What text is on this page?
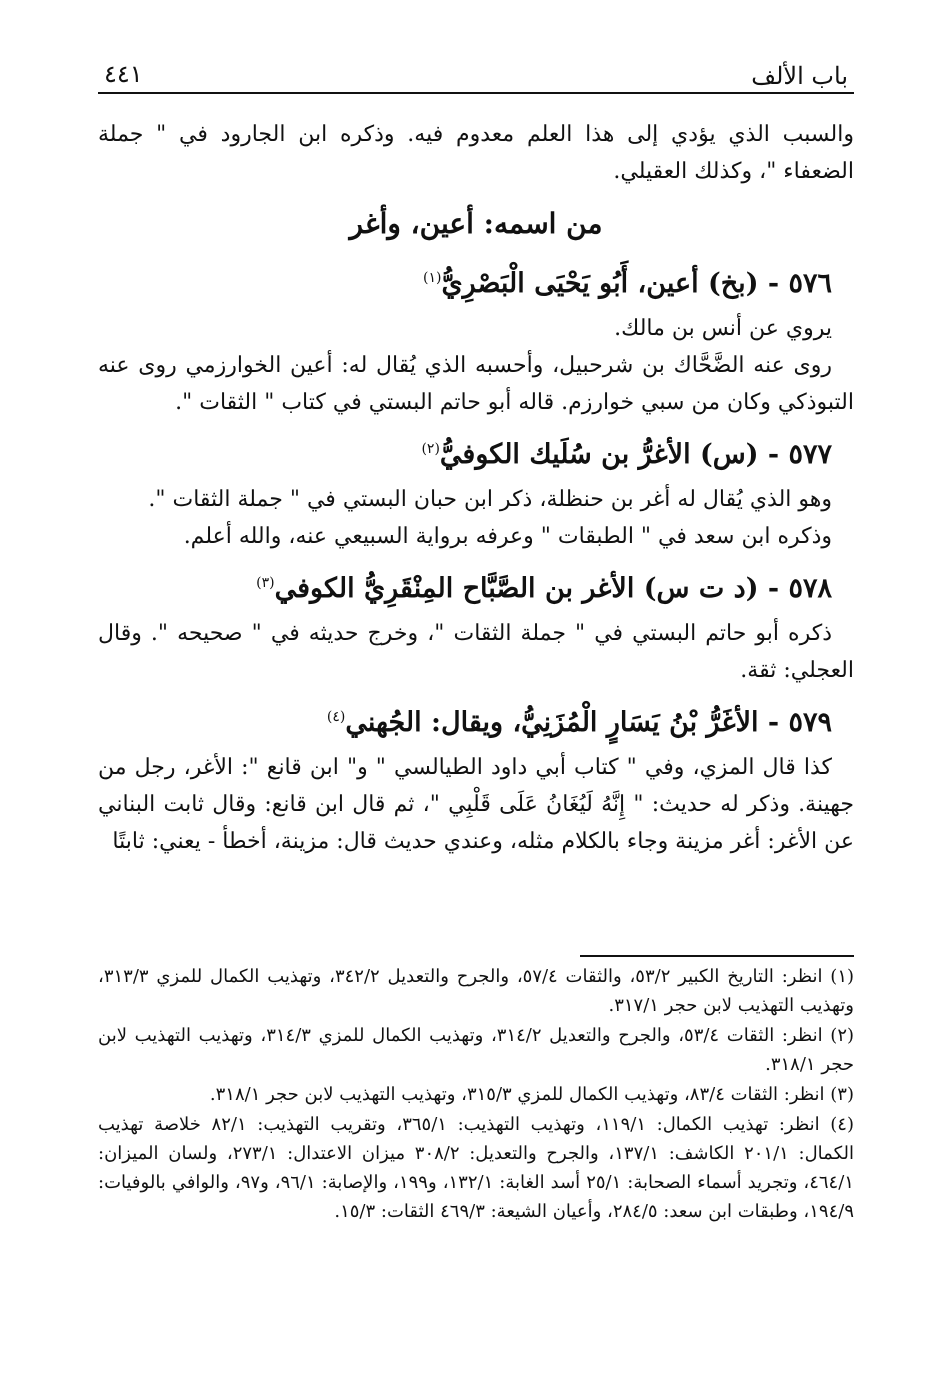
باب الألف
٤٤١

والسبب الذي يؤدي إلى هذا العلم معدوم فيه. وذكره ابن الجارود في " جملة الضعفاء "، وكذلك العقيلي.

من اسمه: أعين، وأغر
٥٧٦ - (بخ) أعين، أَبُو يَحْيَى الْبَصْرِيُّ$^{(١)}$

يروي عن أنس بن مالك.

روى عنه الضَّحَّاك بن شرحبيل، وأحسبه الذي يُقال له: أعين الخوارزمي روى عنه التبوذكي وكان من سبي خوارزم. قاله أبو حاتم البستي في كتاب " الثقات ".

٥٧٧ - (س) الأغرُّ بن سُلَيك الكوفيُّ$^{(٢)}$

وهو الذي يُقال له أغر بن حنظلة، ذكر ابن حبان البستي في " جملة الثقات ".

وذكره ابن سعد في " الطبقات " وعرفه برواية السبيعي عنه، والله أعلم.

٥٧٨ - (د ت س) الأغر بن الصَّبَّاح المِنْقَرِيُّ الكوفي$^{(٣)}$

ذكره أبو حاتم البستي في " جملة الثقات "، وخرج حديثه في " صحيحه ". وقال العجلي: ثقة.

٥٧٩ - الأغَرُّ بْنُ يَسَارٍ الْمُزَنِيُّ، ويقال: الجُهني$^{(٤)}$

كذا قال المزي، وفي " كتاب أبي داود الطيالسي " و" ابن قانع ": الأغر، رجل من جهينة. وذكر له حديث: " إِنَّهُ لَيُغَانُ عَلَى قَلْبِي "، ثم قال ابن قانع: وقال ثابت البناني عن الأغر: أغر مزينة وجاء بالكلام مثله، وعندي حديث قال: مزينة، أخطأ - يعني: ثابتًا

(١) انظر: التاريخ الكبير ٥٣/٢، والثقات ٥٧/٤، والجرح والتعديل ٣٤٢/٢، وتهذيب الكمال للمزي ٣١٣/٣، وتهذيب التهذيب لابن حجر ٣١٧/١.

(٢) انظر: الثقات ٥٣/٤، والجرح والتعديل ٣١٤/٢، وتهذيب الكمال للمزي ٣١٤/٣، وتهذيب التهذيب لابن حجر ٣١٨/١.

(٣) انظر: الثقات ٨٣/٤، وتهذيب الكمال للمزي ٣١٥/٣، وتهذيب التهذيب لابن حجر ٣١٨/١.

(٤) انظر: تهذيب الكمال: ١١٩/١، وتهذيب التهذيب: ٣٦٥/١، وتقريب التهذيب: ٨٢/١ خلاصة تهذيب الكمال: ٢٠١/١ الكاشف: ١٣٧/١، والجرح والتعديل: ٣٠٨/٢ ميزان الاعتدال: ٢٧٣/١، ولسان الميزان: ٤٦٤/١، وتجريد أسماء الصحابة: ٢٥/١ أسد الغابة: ١٣٢/١، و١٩٩، والإصابة: ٩٦/١، و٩٧، والوافي بالوفيات: ١٩٤/٩، وطبقات ابن سعد: ٢٨٤/٥، وأعيان الشيعة: ٤٦٩/٣ الثقات: ١٥/٣.
